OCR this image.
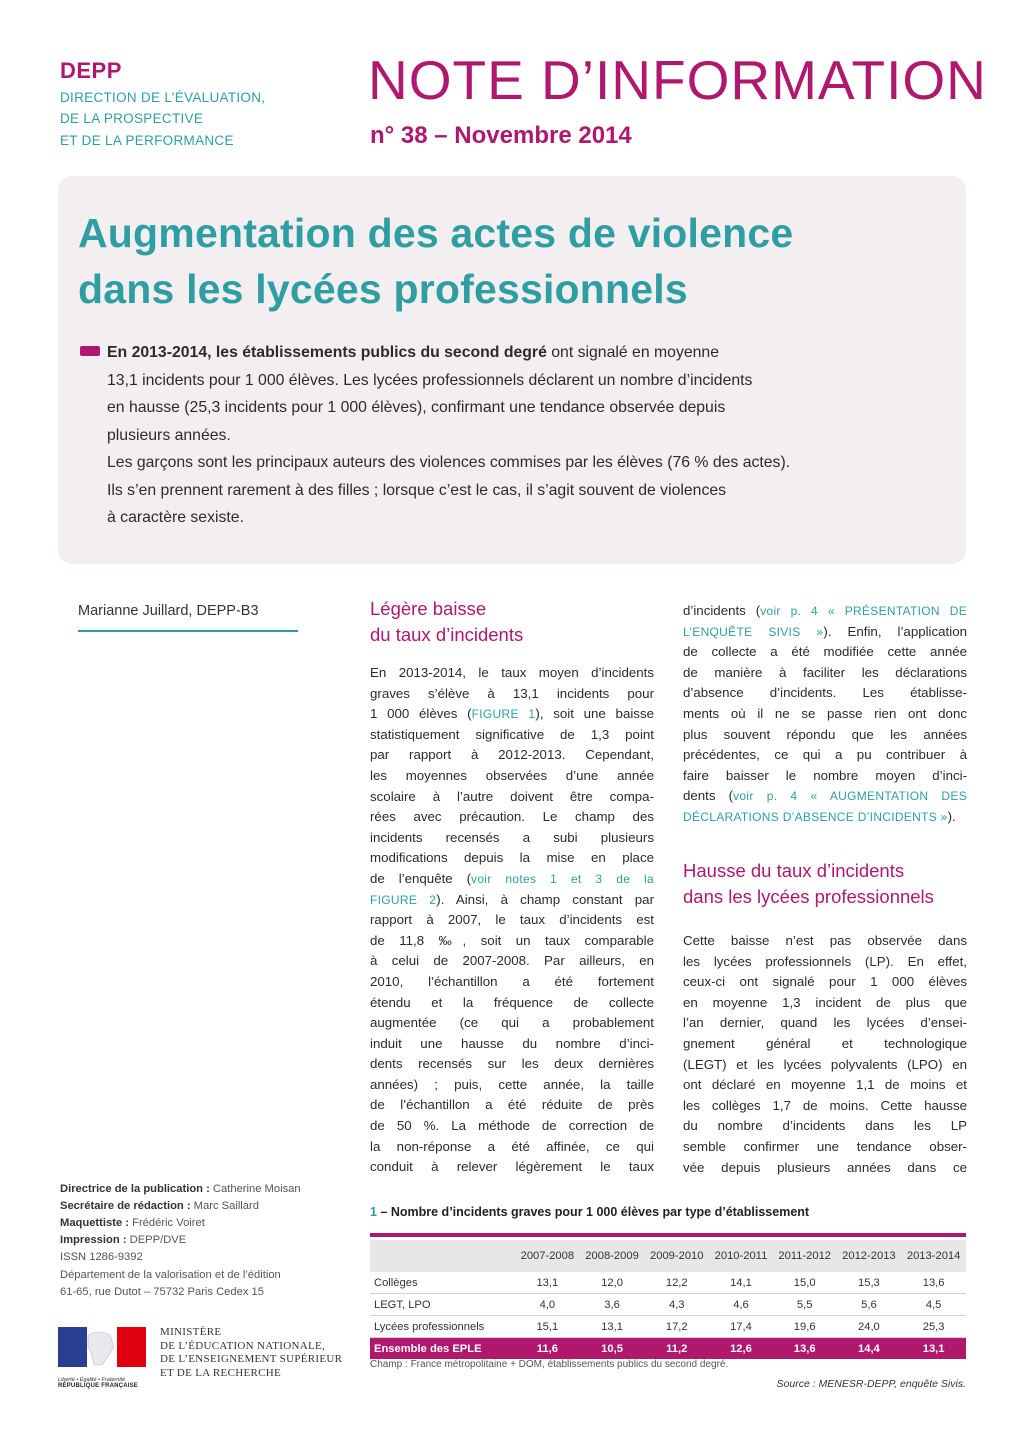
DEPP
DIRECTION DE L’ÉVALUATION,
DE LA PROSPECTIVE
ET DE LA PERFORMANCE
NOTE D’INFORMATION
n° 38 – Novembre 2014
Augmentation des actes de violence
dans les lycées professionnels
En 2013-2014, les établissements publics du second degré ont signalé en moyenne
13,1 incidents pour 1 000 élèves. Les lycées professionnels déclarent un nombre d’incidents
en hausse (25,3 incidents pour 1 000 élèves), confirmant une tendance observée depuis
plusieurs années.
Les garçons sont les principaux auteurs des violences commises par les élèves (76 % des actes).
Ils s’en prennent rarement à des filles ; lorsque c’est le cas, il s’agit souvent de violences
à caractère sexiste.
Marianne Juillard, DEPP-B3	Légère baisse
du taux d’incidents
En 2013-2014, le taux moyen d’incidents
graves s’élève à 13,1 incidents pour
1 000 élèves (FIGURE 1), soit une baisse
statistiquement significative de 1,3 point
par rapport à 2012-2013. Cependant,
les moyennes observées d’une année
scolaire à l’autre doivent être compa-
rées avec précaution. Le champ des
incidents recensés a subi plusieurs
modifications depuis la mise en place
de l’enquête (voir notes 1 et 3 de la
FIGURE 2). Ainsi, à champ constant par
rapport à 2007, le taux d’incidents est
de 11,8 ‰, soit un taux comparable
à celui de 2007-2008. Par ailleurs, en
2010, l’échantillon a été fortement
étendu et la fréquence de collecte
augmentée (ce qui a probablement
induit une hausse du nombre d’inci-
dents recensés sur les deux dernières
années) ; puis, cette année, la taille
de l’échantillon a été réduite de près
de 50 %. La méthode de correction de
la non-réponse a été affinée, ce qui
conduit à relever légèrement le taux
d’incidents (voir p. 4 « PRÉSENTATION DE
L’ENQUÊTE SIVIS »). Enfin, l’application
de collecte a été modifiée cette année
de manière à faciliter les déclarations
d’absence d’incidents. Les établisse-
ments où il ne se passe rien ont donc
plus souvent répondu que les années
précédentes, ce qui a pu contribuer à
faire baisser le nombre moyen d’inci-
dents (voir p. 4 « AUGMENTATION DES
DÉCLARATIONS D’ABSENCE D’INCIDENTS »).
Hausse du taux d’incidents
dans les lycées professionnels
Cette baisse n’est pas observée dans
les lycées professionnels (LP). En effet,
ceux-ci ont signalé pour 1 000 élèves
en moyenne 1,3 incident de plus que
l’an dernier, quand les lycées d’ensei-
gnement général et technologique
(LEGT) et les lycées polyvalents (LPO) en
ont déclaré en moyenne 1,1 de moins et
les collèges 1,7 de moins. Cette hausse
du nombre d’incidents dans les LP
semble confirmer une tendance obser-
vée depuis plusieurs années dans ce
Directrice de la publication : Catherine Moisan
Secrétaire de rédaction : Marc Saillard
Maquettiste : Frédéric Voiret
Impression : DEPP/DVE
ISSN 1286-9392
Département de la valorisation et de l’édition
61-65, rue Dutot – 75732 Paris Cedex 15
Liberté • Égalité • Fraternité
RÉPUBLIQUE FRANÇAISE
MINISTÈRE
DE L’ÉDUCATION NATIONALE,
DE L’ENSEIGNEMENT SUPÉRIEUR
ET DE LA RECHERCHE
1 – Nombre d’incidents graves pour 1 000 élèves par type d’établissement
	2007-2008	2008-2009	2009-2010	2010-2011	2011-2012	2012-2013	2013-2014
Collèges	13,1	12,0	12,2	14,1	15,0	15,3	13,6
LEGT, LPO	4,0	3,6	4,3	4,6	5,5	5,6	4,5
Lycées professionnels	15,1	13,1	17,2	17,4	19,6	24,0	25,3
Ensemble des EPLE	11,6	10,5	11,2	12,6	13,6	14,4	13,1
Champ : France métropolitaine + DOM, établissements publics du second degré.
Source : MENESR-DEPP, enquête Sivis.
